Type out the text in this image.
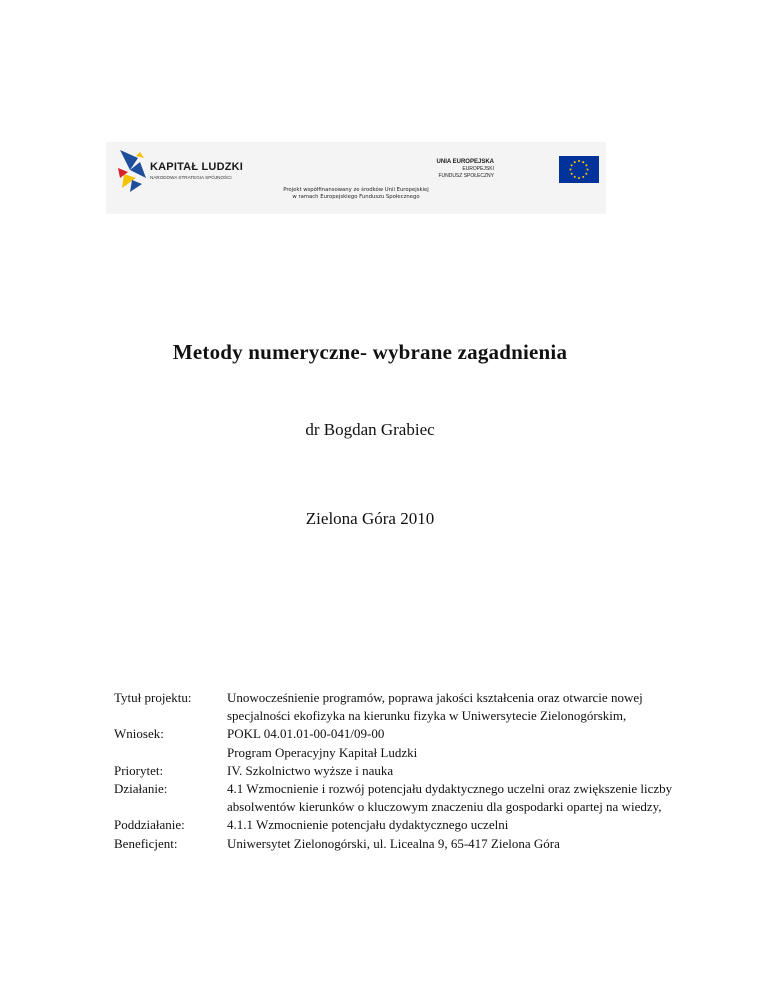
KAPITAŁ LUDZKI
NARODOWA STRATEGIA SPÓJNOŚCI
Projekt współfinansowany ze środków Unii Europejskiej
w ramach Europejskiego Funduszu Społecznego
UNIA EUROPEJSKA
EUROPEJSKI
FUNDUSZ SPOŁECZNY
Metody numeryczne- wybrane zagadnienia
dr Bogdan Grabiec
Zielona Góra 2010
Tytuł projektu:	Unowocześnienie programów, poprawa jakości kształcenia oraz otwarcie nowej
specjalności ekofizyka na kierunku fizyka w Uniwersytecie Zielonogórskim,
Wniosek:	POKL 04.01.01-00-041/09-00
Program Operacyjny Kapitał Ludzki
Priorytet:	IV. Szkolnictwo wyższe i nauka
Działanie:	4.1 Wzmocnienie i rozwój potencjału dydaktycznego uczelni oraz zwiększenie liczby
absolwentów kierunków o kluczowym znaczeniu dla gospodarki opartej na wiedzy,
Poddziałanie:	4.1.1 Wzmocnienie potencjału dydaktycznego uczelni
Beneficjent:	Uniwersytet Zielonogórski, ul. Licealna 9, 65-417 Zielona Góra
